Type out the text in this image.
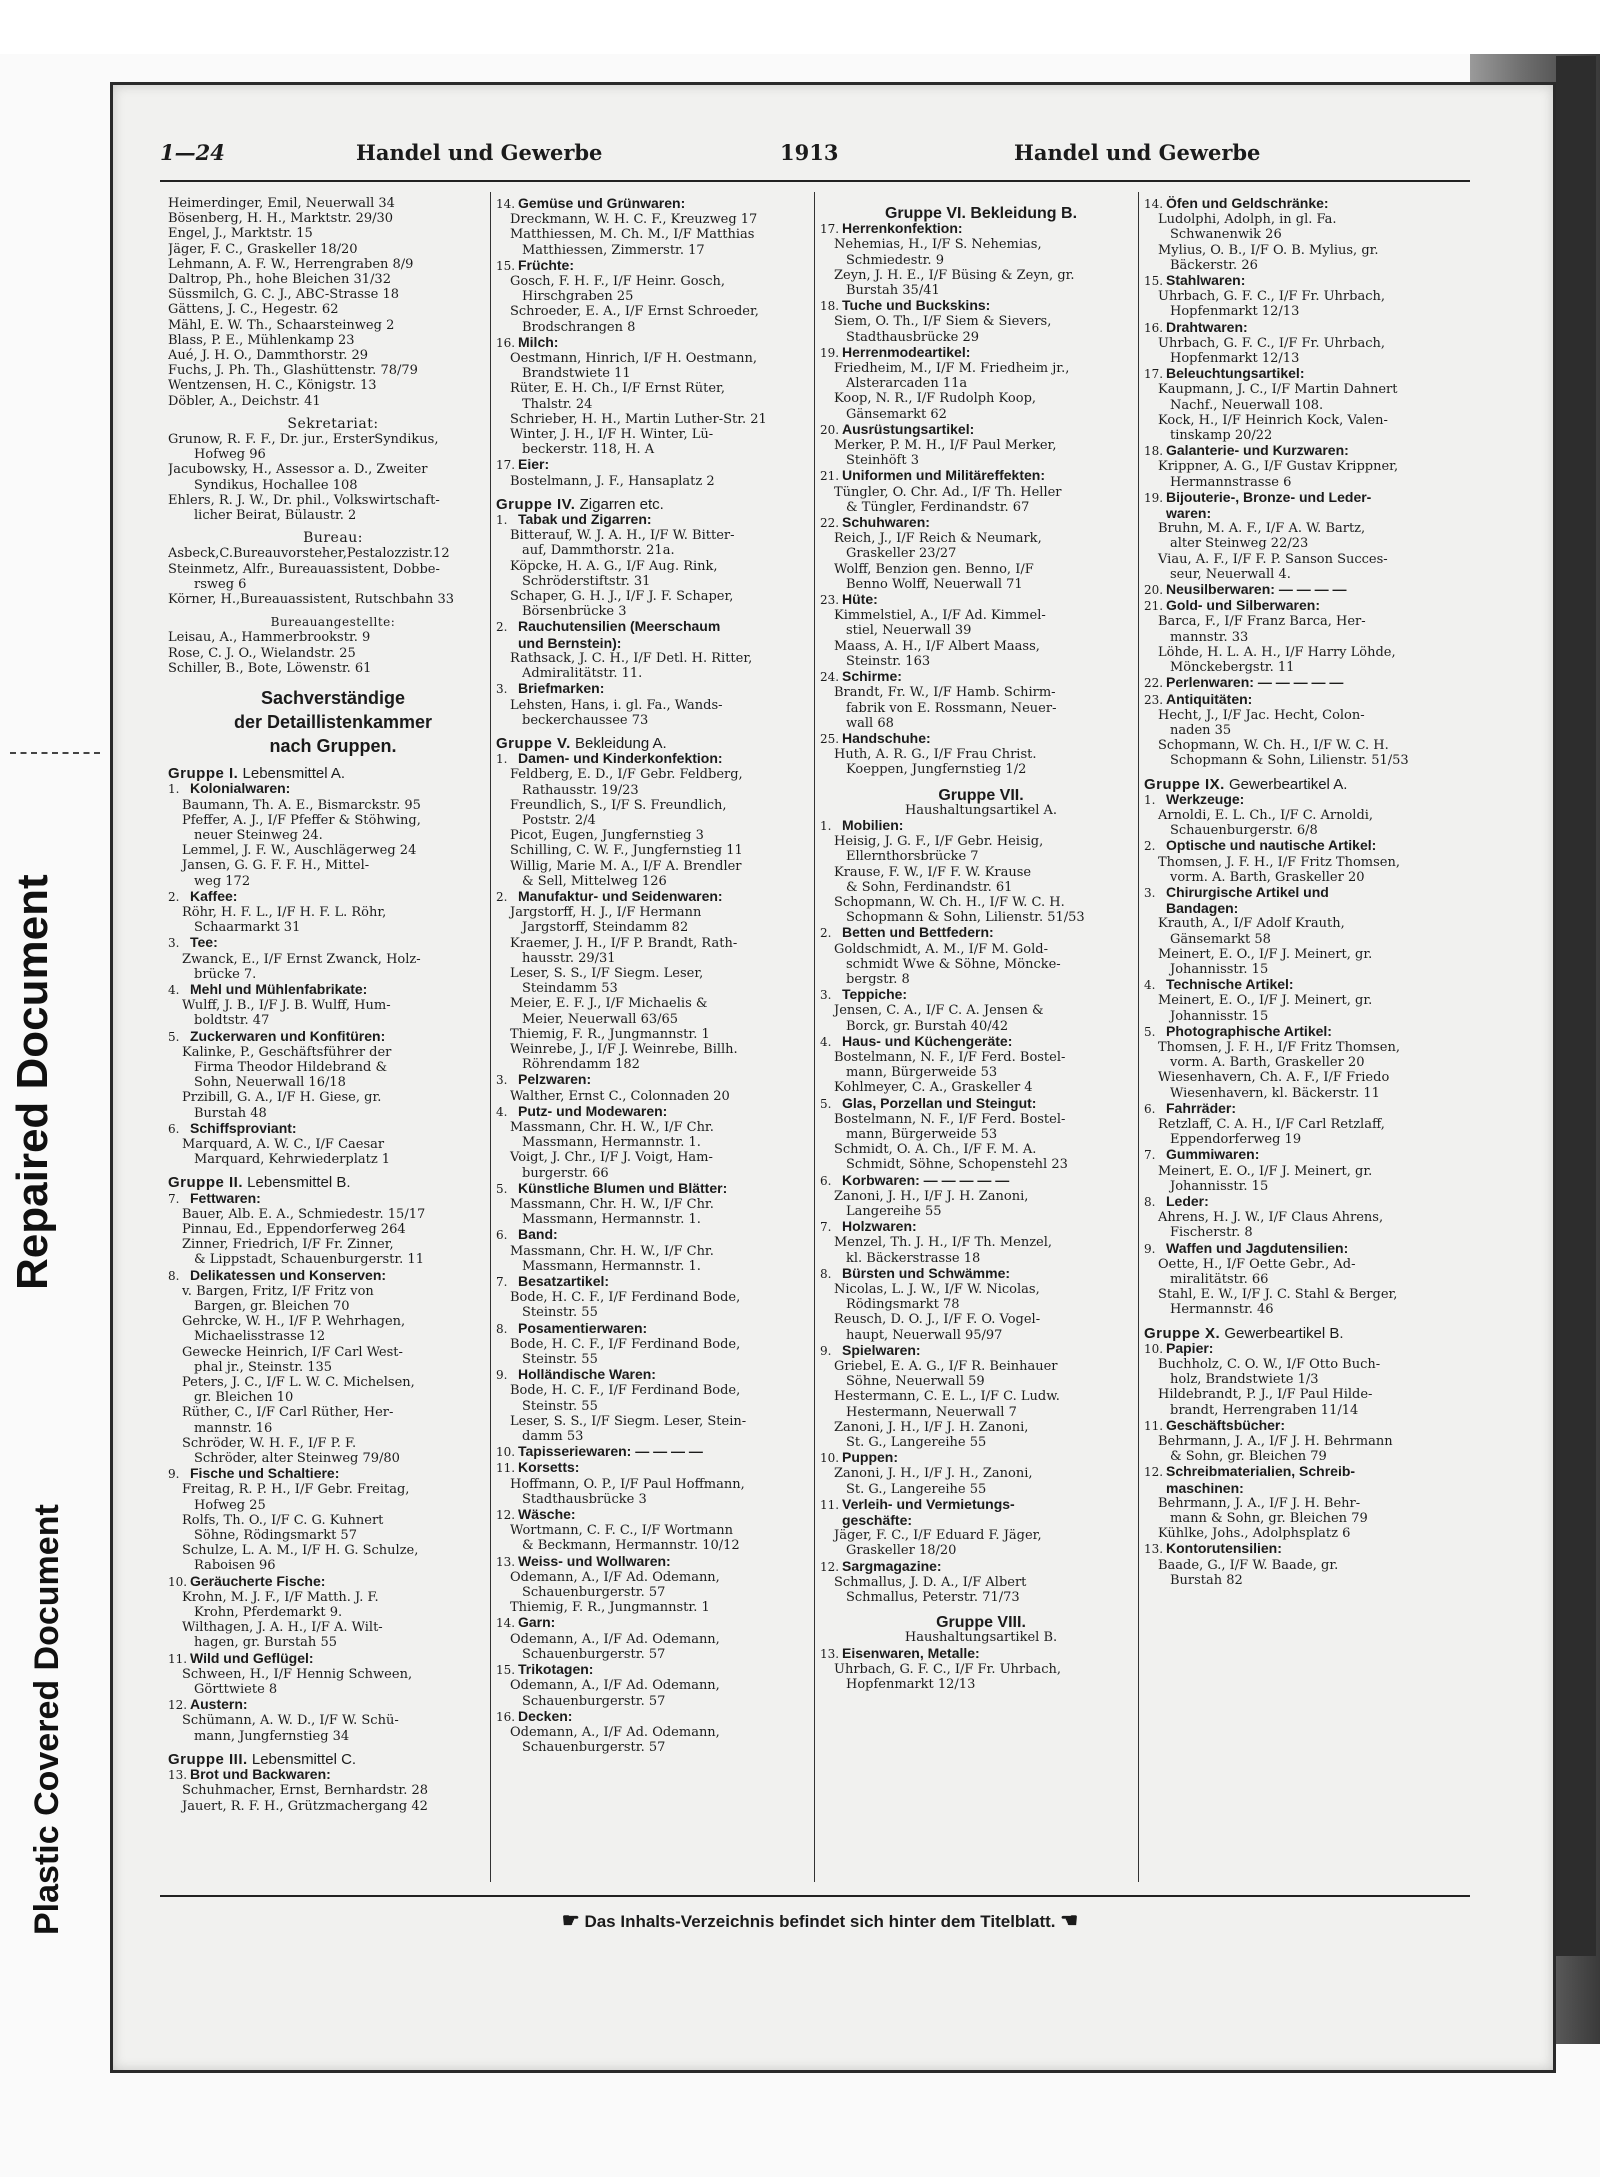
Repaired Document
Plastic Covered Document
1—24	Handel und Gewerbe	1913	Handel und Gewerbe
Heimerdinger, Emil, Neuerwall 34
Bösenberg, H. H., Marktstr. 29/30
Engel, J., Marktstr. 15
Jäger, F. C., Graskeller 18/20
Lehmann, A. F. W., Herrengraben 8/9
Daltrop, Ph., hohe Bleichen 31/32
Süssmilch, G. C. J., ABC-Strasse 18
Gättens, J. C., Hegestr. 62
Mähl, E. W. Th., Schaarsteinweg 2
Blass, P. E., Mühlenkamp 23
Aué, J. H. O., Dammthorstr. 29
Fuchs, J. Ph. Th., Glashüttenstr. 78/79
Wentzensen, H. C., Königstr. 13
Döbler, A., Deichstr. 41
Sekretariat:
Grunow, R. F. F., Dr. jur., ErsterSyndikus,
Hofweg 96
Jacubowsky, H., Assessor a. D., Zweiter
Syndikus, Hochallee 108
Ehlers, R. J. W., Dr. phil., Volkswirtschaft-
licher Beirat, Bülaustr. 2
Bureau:
Asbeck,C.Bureauvorsteher,Pestalozzistr.12
Steinmetz, Alfr., Bureauassistent, Dobbe-
rsweg 6
Körner, H.,Bureauassistent, Rutschbahn 33
Bureauangestellte:
Leisau, A., Hammerbrookstr. 9
Rose, C. J. O., Wielandstr. 25
Schiller, B., Bote, Löwenstr. 61
Sachverständige
der Detaillistenkammer
nach Gruppen.
Gruppe I. Lebensmittel A.
1. Kolonialwaren:
Baumann, Th. A. E., Bismarckstr. 95
Pfeffer, A. J., I/F Pfeffer & Stöhwing,
neuer Steinweg 24.
Lemmel, J. F. W., Auschlägerweg 24
Jansen, G. G. F. F. H., Mittel-
weg 172
2. Kaffee:
Röhr, H. F. L., I/F H. F. L. Röhr,
Schaarmarkt 31
3. Tee:
Zwanck, E., I/F Ernst Zwanck, Holz-
brücke 7.
4. Mehl und Mühlenfabrikate:
Wulff, J. B., I/F J. B. Wulff, Hum-
boldtstr. 47
5. Zuckerwaren und Konfitüren:
Kalinke, P., Geschäftsführer der
Firma Theodor Hildebrand &
Sohn, Neuerwall 16/18
Przibill, G. A., I/F H. Giese, gr.
Burstah 48
6. Schiffsproviant:
Marquard, A. W. C., I/F Caesar
Marquard, Kehrwiederplatz 1
Gruppe II. Lebensmittel B.
7. Fettwaren:
Bauer, Alb. E. A., Schmiedestr. 15/17
Pinnau, Ed., Eppendorferweg 264
Zinner, Friedrich, I/F Fr. Zinner,
& Lippstadt, Schauenburgerstr. 11
8. Delikatessen und Konserven:
v. Bargen, Fritz, I/F Fritz von
Bargen, gr. Bleichen 70
Gehrcke, W. H., I/F P. Wehrhagen,
Michaelisstrasse 12
Gewecke Heinrich, I/F Carl West-
phal jr., Steinstr. 135
Peters, J. C., I/F L. W. C. Michelsen,
gr. Bleichen 10
Rüther, C., I/F Carl Rüther, Her-
mannstr. 16
Schröder, W. H. F., I/F P. F.
Schröder, alter Steinweg 79/80
9. Fische und Schaltiere:
Freitag, R. P. H., I/F Gebr. Freitag,
Hofweg 25
Rolfs, Th. O., I/F C. G. Kuhnert
Söhne, Rödingsmarkt 57
Schulze, L. A. M., I/F H. G. Schulze,
Raboisen 96
10. Geräucherte Fische:
Krohn, M. J. F., I/F Matth. J. F.
Krohn, Pferdemarkt 9.
Wilthagen, J. A. H., I/F A. Wilt-
hagen, gr. Burstah 55
11. Wild und Geflügel:
Schween, H., I/F Hennig Schween,
Görttwiete 8
12. Austern:
Schümann, A. W. D., I/F W. Schü-
mann, Jungfernstieg 34
Gruppe III. Lebensmittel C.
13. Brot und Backwaren:
Schuhmacher, Ernst, Bernhardstr. 28
Jauert, R. F. H., Grützmachergang 42
14. Gemüse und Grünwaren:
Dreckmann, W. H. C. F., Kreuzweg 17
Matthiessen, M. Ch. M., I/F Matthias
Matthiessen, Zimmerstr. 17
15. Früchte:
Gosch, F. H. F., I/F Heinr. Gosch,
Hirschgraben 25
Schroeder, E. A., I/F Ernst Schroeder,
Brodschrangen 8
16. Milch:
Oestmann, Hinrich, I/F H. Oestmann,
Brandstwiete 11
Rüter, E. H. Ch., I/F Ernst Rüter,
Thalstr. 24
Schrieber, H. H., Martin Luther-Str. 21
Winter, J. H., I/F H. Winter, Lü-
beckerstr. 118, H. A
17. Eier:
Bostelmann, J. F., Hansaplatz 2
Gruppe IV. Zigarren etc.
1. Tabak und Zigarren:
Bitterauf, W. J. A. H., I/F W. Bitter-
auf, Dammthorstr. 21a.
Köpcke, H. A. G., I/F Aug. Rink,
Schröderstiftstr. 31
Schaper, G. H. J., I/F J. F. Schaper,
Börsenbrücke 3
2. Rauchutensilien (Meerschaum
und Bernstein):
Rathsack, J. C. H., I/F Detl. H. Ritter,
Admiralitätstr. 11.
3. Briefmarken:
Lehsten, Hans, i. gl. Fa., Wands-
beckerchaussee 73
Gruppe V. Bekleidung A.
1. Damen- und Kinderkonfektion:
Feldberg, E. D., I/F Gebr. Feldberg,
Rathausstr. 19/23
Freundlich, S., I/F S. Freundlich,
Poststr. 2/4
Picot, Eugen, Jungfernstieg 3
Schilling, C. W. F., Jungfernstieg 11
Willig, Marie M. A., I/F A. Brendler
& Sell, Mittelweg 126
2. Manufaktur- und Seidenwaren:
Jargstorff, H. J., I/F Hermann
Jargstorff, Steindamm 82
Kraemer, J. H., I/F P. Brandt, Rath-
hausstr. 29/31
Leser, S. S., I/F Siegm. Leser,
Steindamm 53
Meier, E. F. J., I/F Michaelis &
Meier, Neuerwall 63/65
Thiemig, F. R., Jungmannstr. 1
Weinrebe, J., I/F J. Weinrebe, Billh.
Röhrendamm 182
3. Pelzwaren:
Walther, Ernst C., Colonnaden 20
4. Putz- und Modewaren:
Massmann, Chr. H. W., I/F Chr.
Massmann, Hermannstr. 1.
Voigt, J. Chr., I/F J. Voigt, Ham-
burgerstr. 66
5. Künstliche Blumen und Blätter:
Massmann, Chr. H. W., I/F Chr.
Massmann, Hermannstr. 1.
6. Band:
Massmann, Chr. H. W., I/F Chr.
Massmann, Hermannstr. 1.
7. Besatzartikel:
Bode, H. C. F., I/F Ferdinand Bode,
Steinstr. 55
8. Posamentierwaren:
Bode, H. C. F., I/F Ferdinand Bode,
Steinstr. 55
9. Holländische Waren:
Bode, H. C. F., I/F Ferdinand Bode,
Steinstr. 55
Leser, S. S., I/F Siegm. Leser, Stein-
damm 53
10. Tapisseriewaren: — — — —
11. Korsetts:
Hoffmann, O. P., I/F Paul Hoffmann,
Stadthausbrücke 3
12. Wäsche:
Wortmann, C. F. C., I/F Wortmann
& Beckmann, Hermannstr. 10/12
13. Weiss- und Wollwaren:
Odemann, A., I/F Ad. Odemann,
Schauenburgerstr. 57
Thiemig, F. R., Jungmannstr. 1
14. Garn:
Odemann, A., I/F Ad. Odemann,
Schauenburgerstr. 57
15. Trikotagen:
Odemann, A., I/F Ad. Odemann,
Schauenburgerstr. 57
16. Decken:
Odemann, A., I/F Ad. Odemann,
Schauenburgerstr. 57
Gruppe VI. Bekleidung B.
17. Herrenkonfektion:
Nehemias, H., I/F S. Nehemias,
Schmiedestr. 9
Zeyn, J. H. E., I/F Büsing & Zeyn, gr.
Burstah 35/41
18. Tuche und Buckskins:
Siem, O. Th., I/F Siem & Sievers,
Stadthausbrücke 29
19. Herrenmodeartikel:
Friedheim, M., I/F M. Friedheim jr.,
Alsterarcaden 11a
Koop, N. R., I/F Rudolph Koop,
Gänsemarkt 62
20. Ausrüstungsartikel:
Merker, P. M. H., I/F Paul Merker,
Steinhöft 3
21. Uniformen und Militäreffekten:
Tüngler, O. Chr. Ad., I/F Th. Heller
& Tüngler, Ferdinandstr. 67
22. Schuhwaren:
Reich, J., I/F Reich & Neumark,
Graskeller 23/27
Wolff, Benzion gen. Benno, I/F
Benno Wolff, Neuerwall 71
23. Hüte:
Kimmelstiel, A., I/F Ad. Kimmel-
stiel, Neuerwall 39
Maass, A. H., I/F Albert Maass,
Steinstr. 163
24. Schirme:
Brandt, Fr. W., I/F Hamb. Schirm-
fabrik von E. Rossmann, Neuer-
wall 68
25. Handschuhe:
Huth, A. R. G., I/F Frau Christ.
Koeppen, Jungfernstieg 1/2
Gruppe VII.
Haushaltungsartikel A.
1. Mobilien:
Heisig, J. G. F., I/F Gebr. Heisig,
Ellernthorsbrücke 7
Krause, F. W., I/F F. W. Krause
& Sohn, Ferdinandstr. 61
Schopmann, W. Ch. H., I/F W. C. H.
Schopmann & Sohn, Lilienstr. 51/53
2. Betten und Bettfedern:
Goldschmidt, A. M., I/F M. Gold-
schmidt Wwe & Söhne, Möncke-
bergstr. 8
3. Teppiche:
Jensen, C. A., I/F C. A. Jensen &
Borck, gr. Burstah 40/42
4. Haus- und Küchengeräte:
Bostelmann, N. F., I/F Ferd. Bostel-
mann, Bürgerweide 53
Kohlmeyer, C. A., Graskeller 4
5. Glas, Porzellan und Steingut:
Bostelmann, N. F., I/F Ferd. Bostel-
mann, Bürgerweide 53
Schmidt, O. A. Ch., I/F F. M. A.
Schmidt, Söhne, Schopenstehl 23
6. Korbwaren: — — — — —
Zanoni, J. H., I/F J. H. Zanoni,
Langereihe 55
7. Holzwaren:
Menzel, Th. J. H., I/F Th. Menzel,
kl. Bäckerstrasse 18
8. Bürsten und Schwämme:
Nicolas, L. J. W., I/F W. Nicolas,
Rödingsmarkt 78
Reusch, D. O. J., I/F F. O. Vogel-
haupt, Neuerwall 95/97
9. Spielwaren:
Griebel, E. A. G., I/F R. Beinhauer
Söhne, Neuerwall 59
Hestermann, C. E. L., I/F C. Ludw.
Hestermann, Neuerwall 7
Zanoni, J. H., I/F J. H. Zanoni,
St. G., Langereihe 55
10. Puppen:
Zanoni, J. H., I/F J. H., Zanoni,
St. G., Langereihe 55
11. Verleih- und Vermietungs-
geschäfte:
Jäger, F. C., I/F Eduard F. Jäger,
Graskeller 18/20
12. Sargmagazine:
Schmallus, J. D. A., I/F Albert
Schmallus, Peterstr. 71/73
Gruppe VIII.
Haushaltungsartikel B.
13. Eisenwaren, Metalle:
Uhrbach, G. F. C., I/F Fr. Uhrbach,
Hopfenmarkt 12/13
14. Öfen und Geldschränke:
Ludolphi, Adolph, in gl. Fa.
Schwanenwik 26
Mylius, O. B., I/F O. B. Mylius, gr.
Bäckerstr. 26
15. Stahlwaren:
Uhrbach, G. F. C., I/F Fr. Uhrbach,
Hopfenmarkt 12/13
16. Drahtwaren:
Uhrbach, G. F. C., I/F Fr. Uhrbach,
Hopfenmarkt 12/13
17. Beleuchtungsartikel:
Kaupmann, J. C., I/F Martin Dahnert
Nachf., Neuerwall 108.
Kock, H., I/F Heinrich Kock, Valen-
tinskamp 20/22
18. Galanterie- und Kurzwaren:
Krippner, A. G., I/F Gustav Krippner,
Hermannstrasse 6
19. Bijouterie-, Bronze- und Leder-
waren:
Bruhn, M. A. F., I/F A. W. Bartz,
alter Steinweg 22/23
Viau, A. F., I/F F. P. Sanson Succes-
seur, Neuerwall 4.
20. Neusilberwaren: — — — —
21. Gold- und Silberwaren:
Barca, F., I/F Franz Barca, Her-
mannstr. 33
Löhde, H. L. A. H., I/F Harry Löhde,
Mönckebergstr. 11
22. Perlenwaren: — — — — —
23. Antiquitäten:
Hecht, J., I/F Jac. Hecht, Colon-
naden 35
Schopmann, W. Ch. H., I/F W. C. H.
Schopmann & Sohn, Lilienstr. 51/53
Gruppe IX. Gewerbeartikel A.
1. Werkzeuge:
Arnoldi, E. L. Ch., I/F C. Arnoldi,
Schauenburgerstr. 6/8
2. Optische und nautische Artikel:
Thomsen, J. F. H., I/F Fritz Thomsen,
vorm. A. Barth, Graskeller 20
3. Chirurgische Artikel und
Bandagen:
Krauth, A., I/F Adolf Krauth,
Gänsemarkt 58
Meinert, E. O., I/F J. Meinert, gr.
Johannisstr. 15
4. Technische Artikel:
Meinert, E. O., I/F J. Meinert, gr.
Johannisstr. 15
5. Photographische Artikel:
Thomsen, J. F. H., I/F Fritz Thomsen,
vorm. A. Barth, Graskeller 20
Wiesenhavern, Ch. A. F., I/F Friedo
Wiesenhavern, kl. Bäckerstr. 11
6. Fahrräder:
Retzlaff, C. A. H., I/F Carl Retzlaff,
Eppendorferweg 19
7. Gummiwaren:
Meinert, E. O., I/F J. Meinert, gr.
Johannisstr. 15
8. Leder:
Ahrens, H. J. W., I/F Claus Ahrens,
Fischerstr. 8
9. Waffen und Jagdutensilien:
Oette, H., I/F Oette Gebr., Ad-
miralitätstr. 66
Stahl, E. W., I/F J. C. Stahl & Berger,
Hermannstr. 46
Gruppe X. Gewerbeartikel B.
10. Papier:
Buchholz, C. O. W., I/F Otto Buch-
holz, Brandstwiete 1/3
Hildebrandt, P. J., I/F Paul Hilde-
brandt, Herrengraben 11/14
11. Geschäftsbücher:
Behrmann, J. A., I/F J. H. Behrmann
& Sohn, gr. Bleichen 79
12. Schreibmaterialien, Schreib-
maschinen:
Behrmann, J. A., I/F J. H. Behr-
mann & Sohn, gr. Bleichen 79
Kühlke, Johs., Adolphsplatz 6
13. Kontorutensilien:
Baade, G., I/F W. Baade, gr.
Burstah 82
☛ Das Inhalts-Verzeichnis befindet sich hinter dem Titelblatt. ☚
